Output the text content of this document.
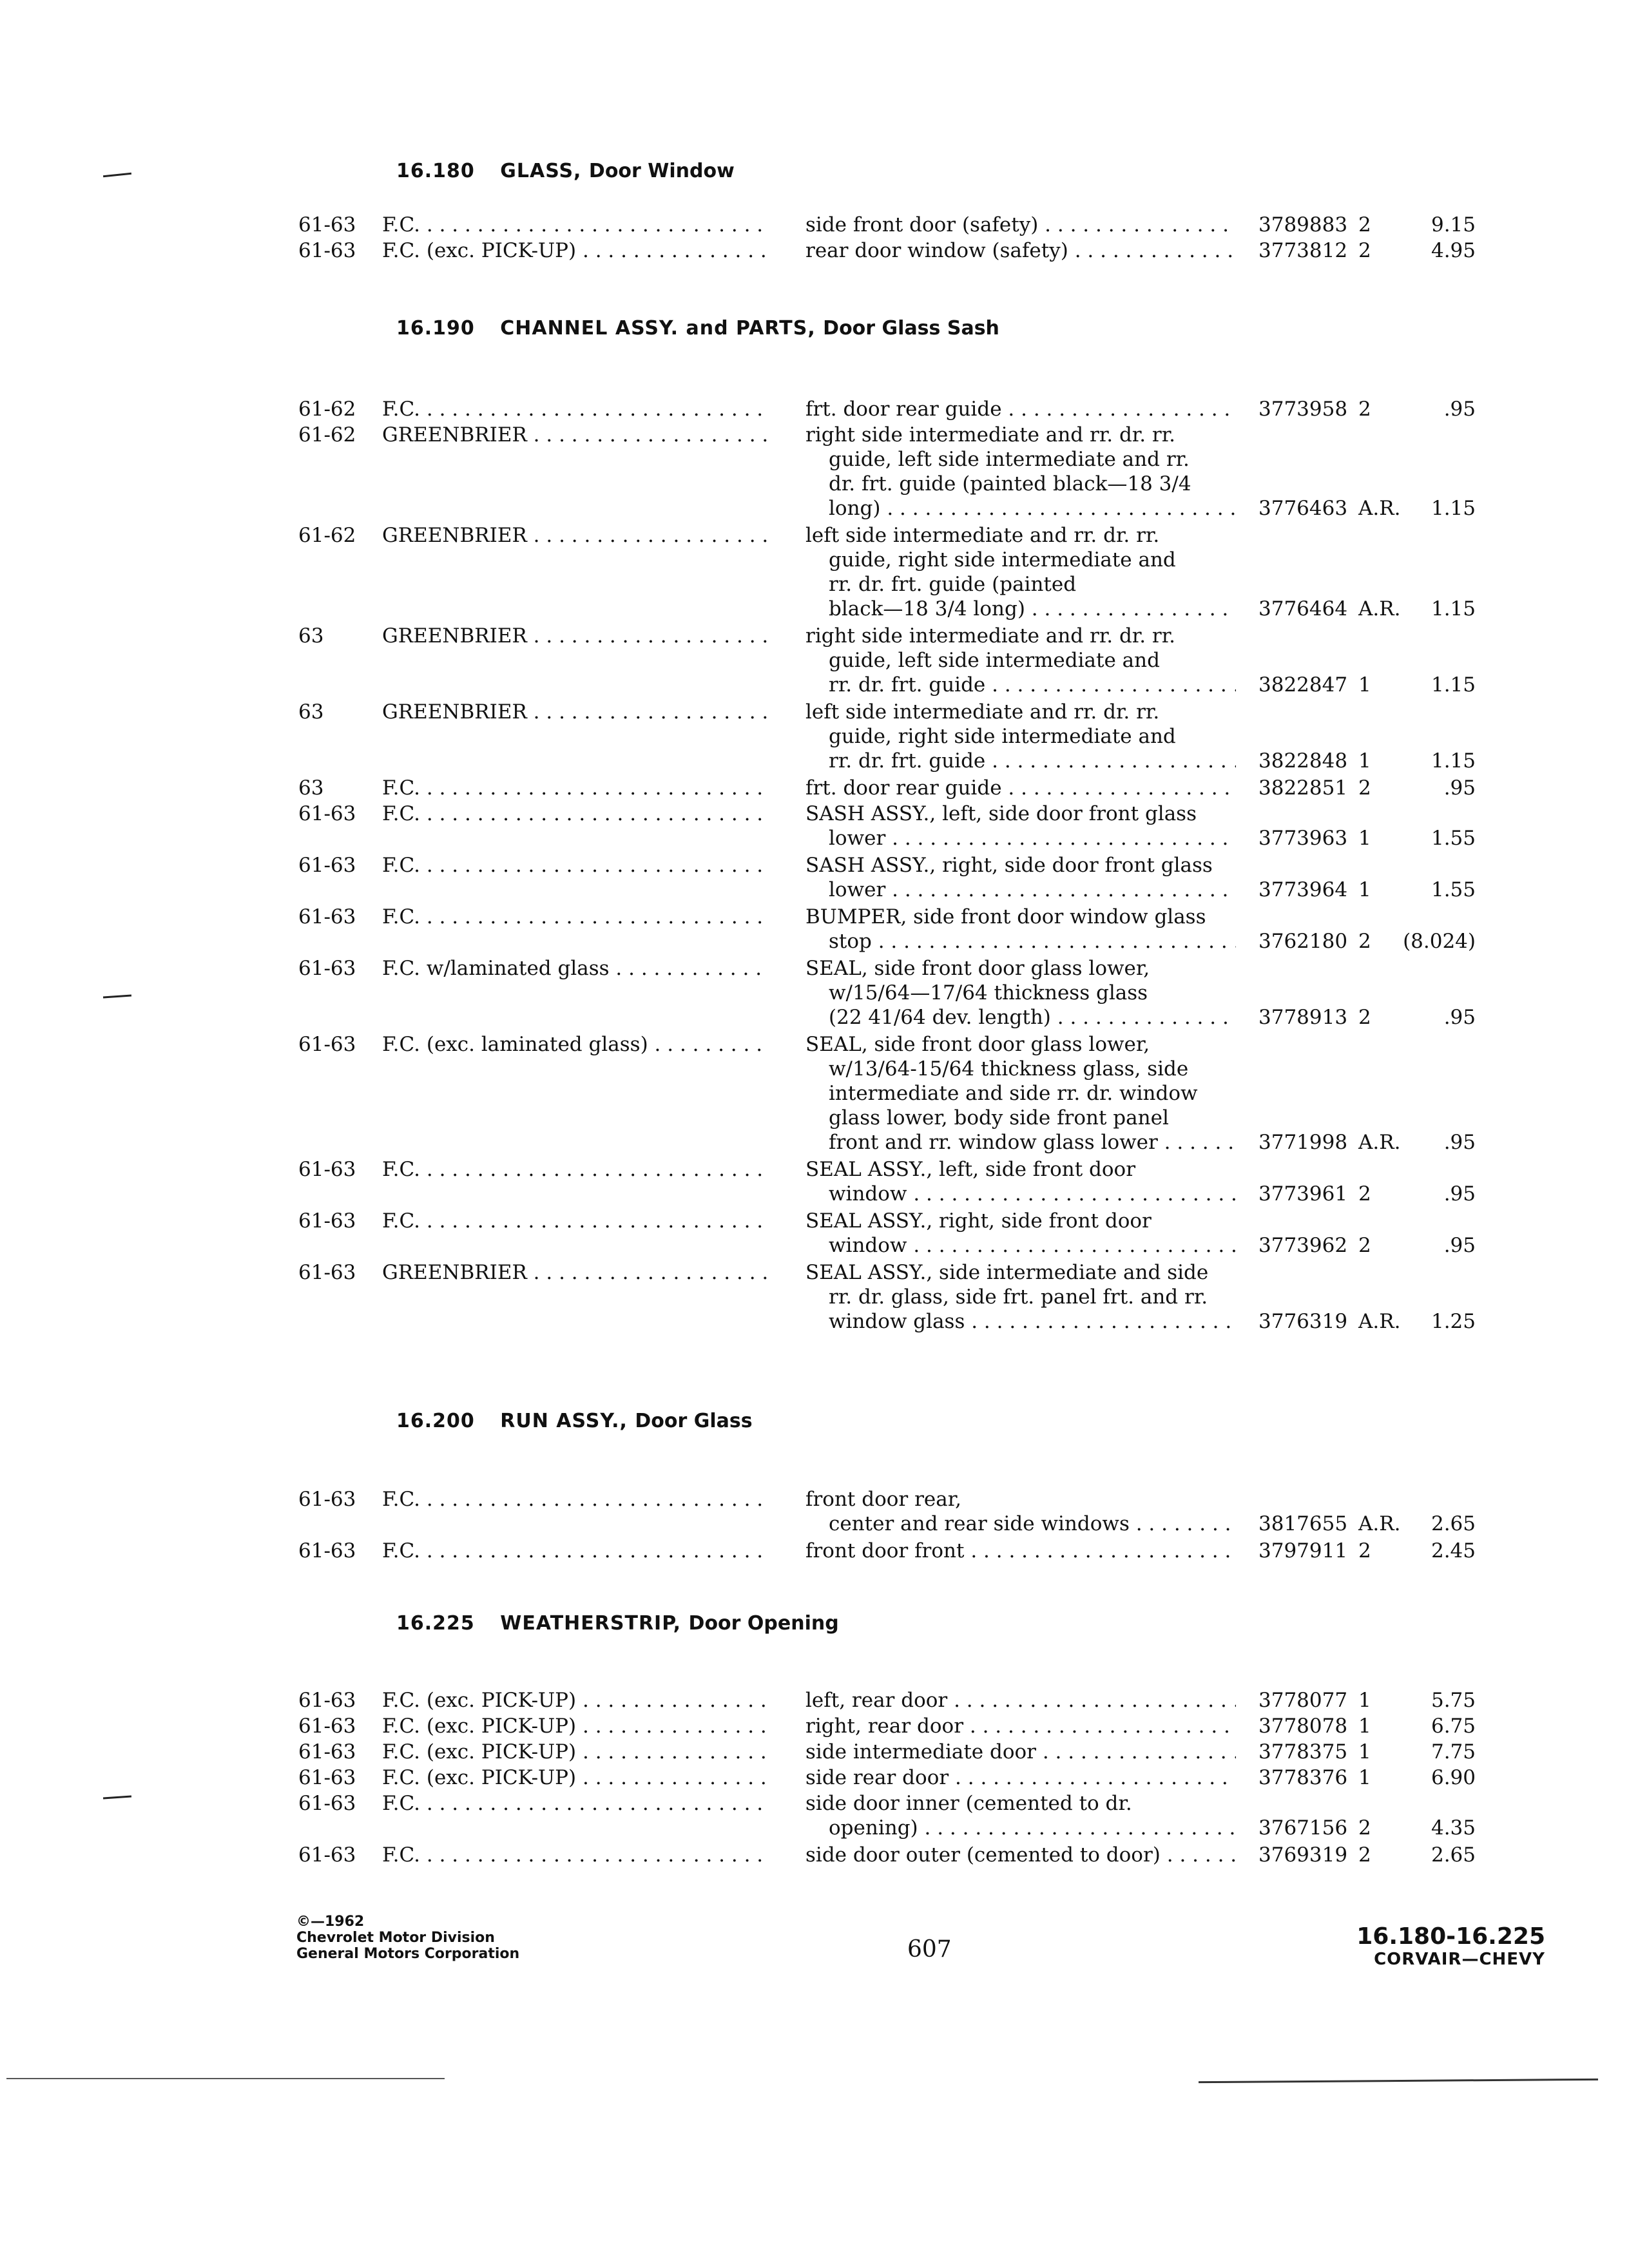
16.180 GLASS, Door Window
61-63	F.C. . . .	side front door (safety) . . .	3789883 2	9.15
61-63	F.C. (exc. PICK-UP) . . .	rear door window (safety) . . .	3773812 2	4.95
16.190 CHANNEL ASSY. and PARTS, Door Glass Sash
61-62	F.C. . . .	frt. door rear guide . . .	3773958 2	.95
61-62	GREENBRIER . . .	right side intermediate and rr. dr. rr.
guide, left side intermediate and rr.
dr. frt. guide (painted black—18 3/4
long) . . .	3776463 A.R.	1.15
61-62	GREENBRIER . . .	left side intermediate and rr. dr. rr.
guide, right side intermediate and
rr. dr. frt. guide (painted
black—18 3/4 long) . . .	3776464 A.R.	1.15
63	GREENBRIER . . .	right side intermediate and rr. dr. rr.
guide, left side intermediate and
rr. dr. frt. guide . . .	3822847 1	1.15
63	GREENBRIER . . .	left side intermediate and rr. dr. rr.
guide, right side intermediate and
rr. dr. frt. guide . . .	3822848 1	1.15
63	F.C. . . .	frt. door rear guide . . .	3822851 2	.95
61-63	F.C. . . .	SASH ASSY., left, side door front glass
lower . . .	3773963 1	1.55
61-63	F.C. . . .	SASH ASSY., right, side door front glass
lower . . .	3773964 1	1.55
61-63	F.C. . . .	BUMPER, side front door window glass
stop . . .	3762180 2	(8.024)
61-63	F.C. w/laminated glass . . .	SEAL, side front door glass lower,
w/15/64—17/64 thickness glass
(22 41/64 dev. length) . . .	3778913 2	.95
61-63	F.C. (exc. laminated glass) . . .	SEAL, side front door glass lower,
w/13/64-15/64 thickness glass, side
intermediate and side rr. dr. window
glass lower, body side front panel
front and rr. window glass lower . . .	3771998 A.R.	.95
61-63	F.C. . . .	SEAL ASSY., left, side front door
window . . .	3773961 2	.95
61-63	F.C. . . .	SEAL ASSY., right, side front door
window . . .	3773962 2	.95
61-63	GREENBRIER . . .	SEAL ASSY., side intermediate and side
rr. dr. glass, side frt. panel frt. and rr.
window glass . . .	3776319 A.R.	1.25
16.200 RUN ASSY., Door Glass
61-63	F.C. . . .	front door rear,
center and rear side windows . . .	3817655 A.R.	2.65
61-63	F.C. . . .	front door front . . .	3797911 2	2.45
16.225 WEATHERSTRIP, Door Opening
61-63	F.C. (exc. PICK-UP) . . .	left, rear door . . .	3778077 1	5.75
61-63	F.C. (exc. PICK-UP) . . .	right, rear door . . .	3778078 1	6.75
61-63	F.C. (exc. PICK-UP) . . .	side intermediate door . . .	3778375 1	7.75
61-63	F.C. (exc. PICK-UP) . . .	side rear door . . .	3778376 1	6.90
61-63	F.C. . . .	side door inner (cemented to dr.
opening) . . .	3767156 2	4.35
61-63	F.C. . . .	side door outer (cemented to door) . . .	3769319 2	2.65
©—1962
Chevrolet Motor Division
General Motors Corporation	607	16.180-16.225
CORVAIR—CHEVY
